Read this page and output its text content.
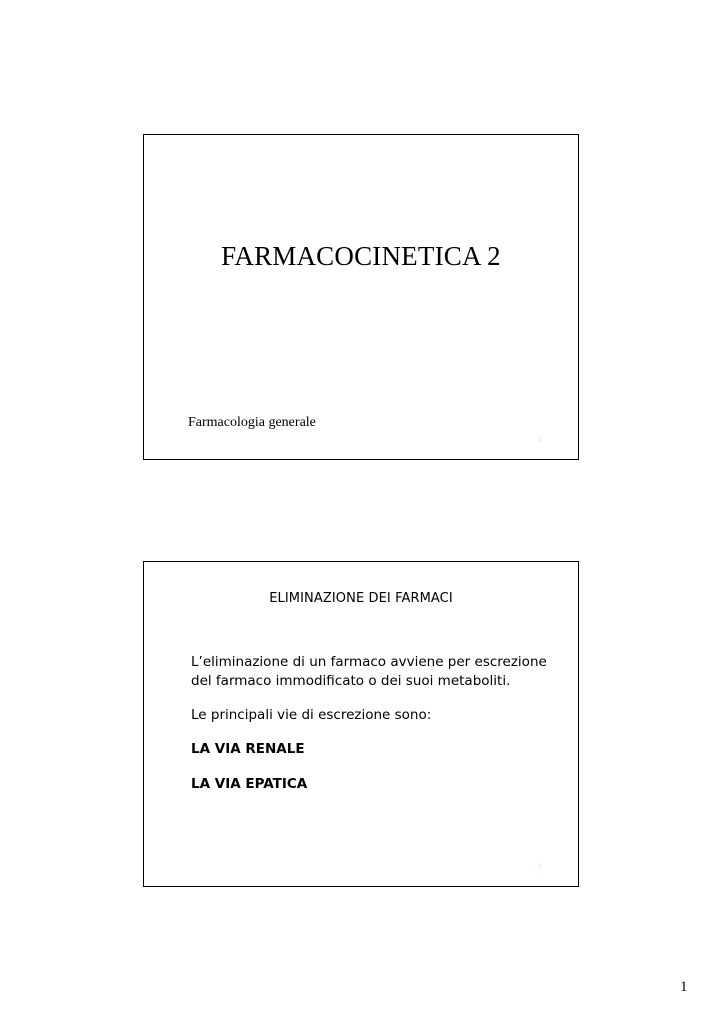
FARMACOCINETICA 2
Farmacologia generale
1
ELIMINAZIONE DEI FARMACI
L’eliminazione di un farmaco avviene per escrezione del farmaco immodificato o dei suoi metaboliti.
Le principali vie di escrezione sono:
LA VIA RENALE
LA VIA EPATICA
2
1
